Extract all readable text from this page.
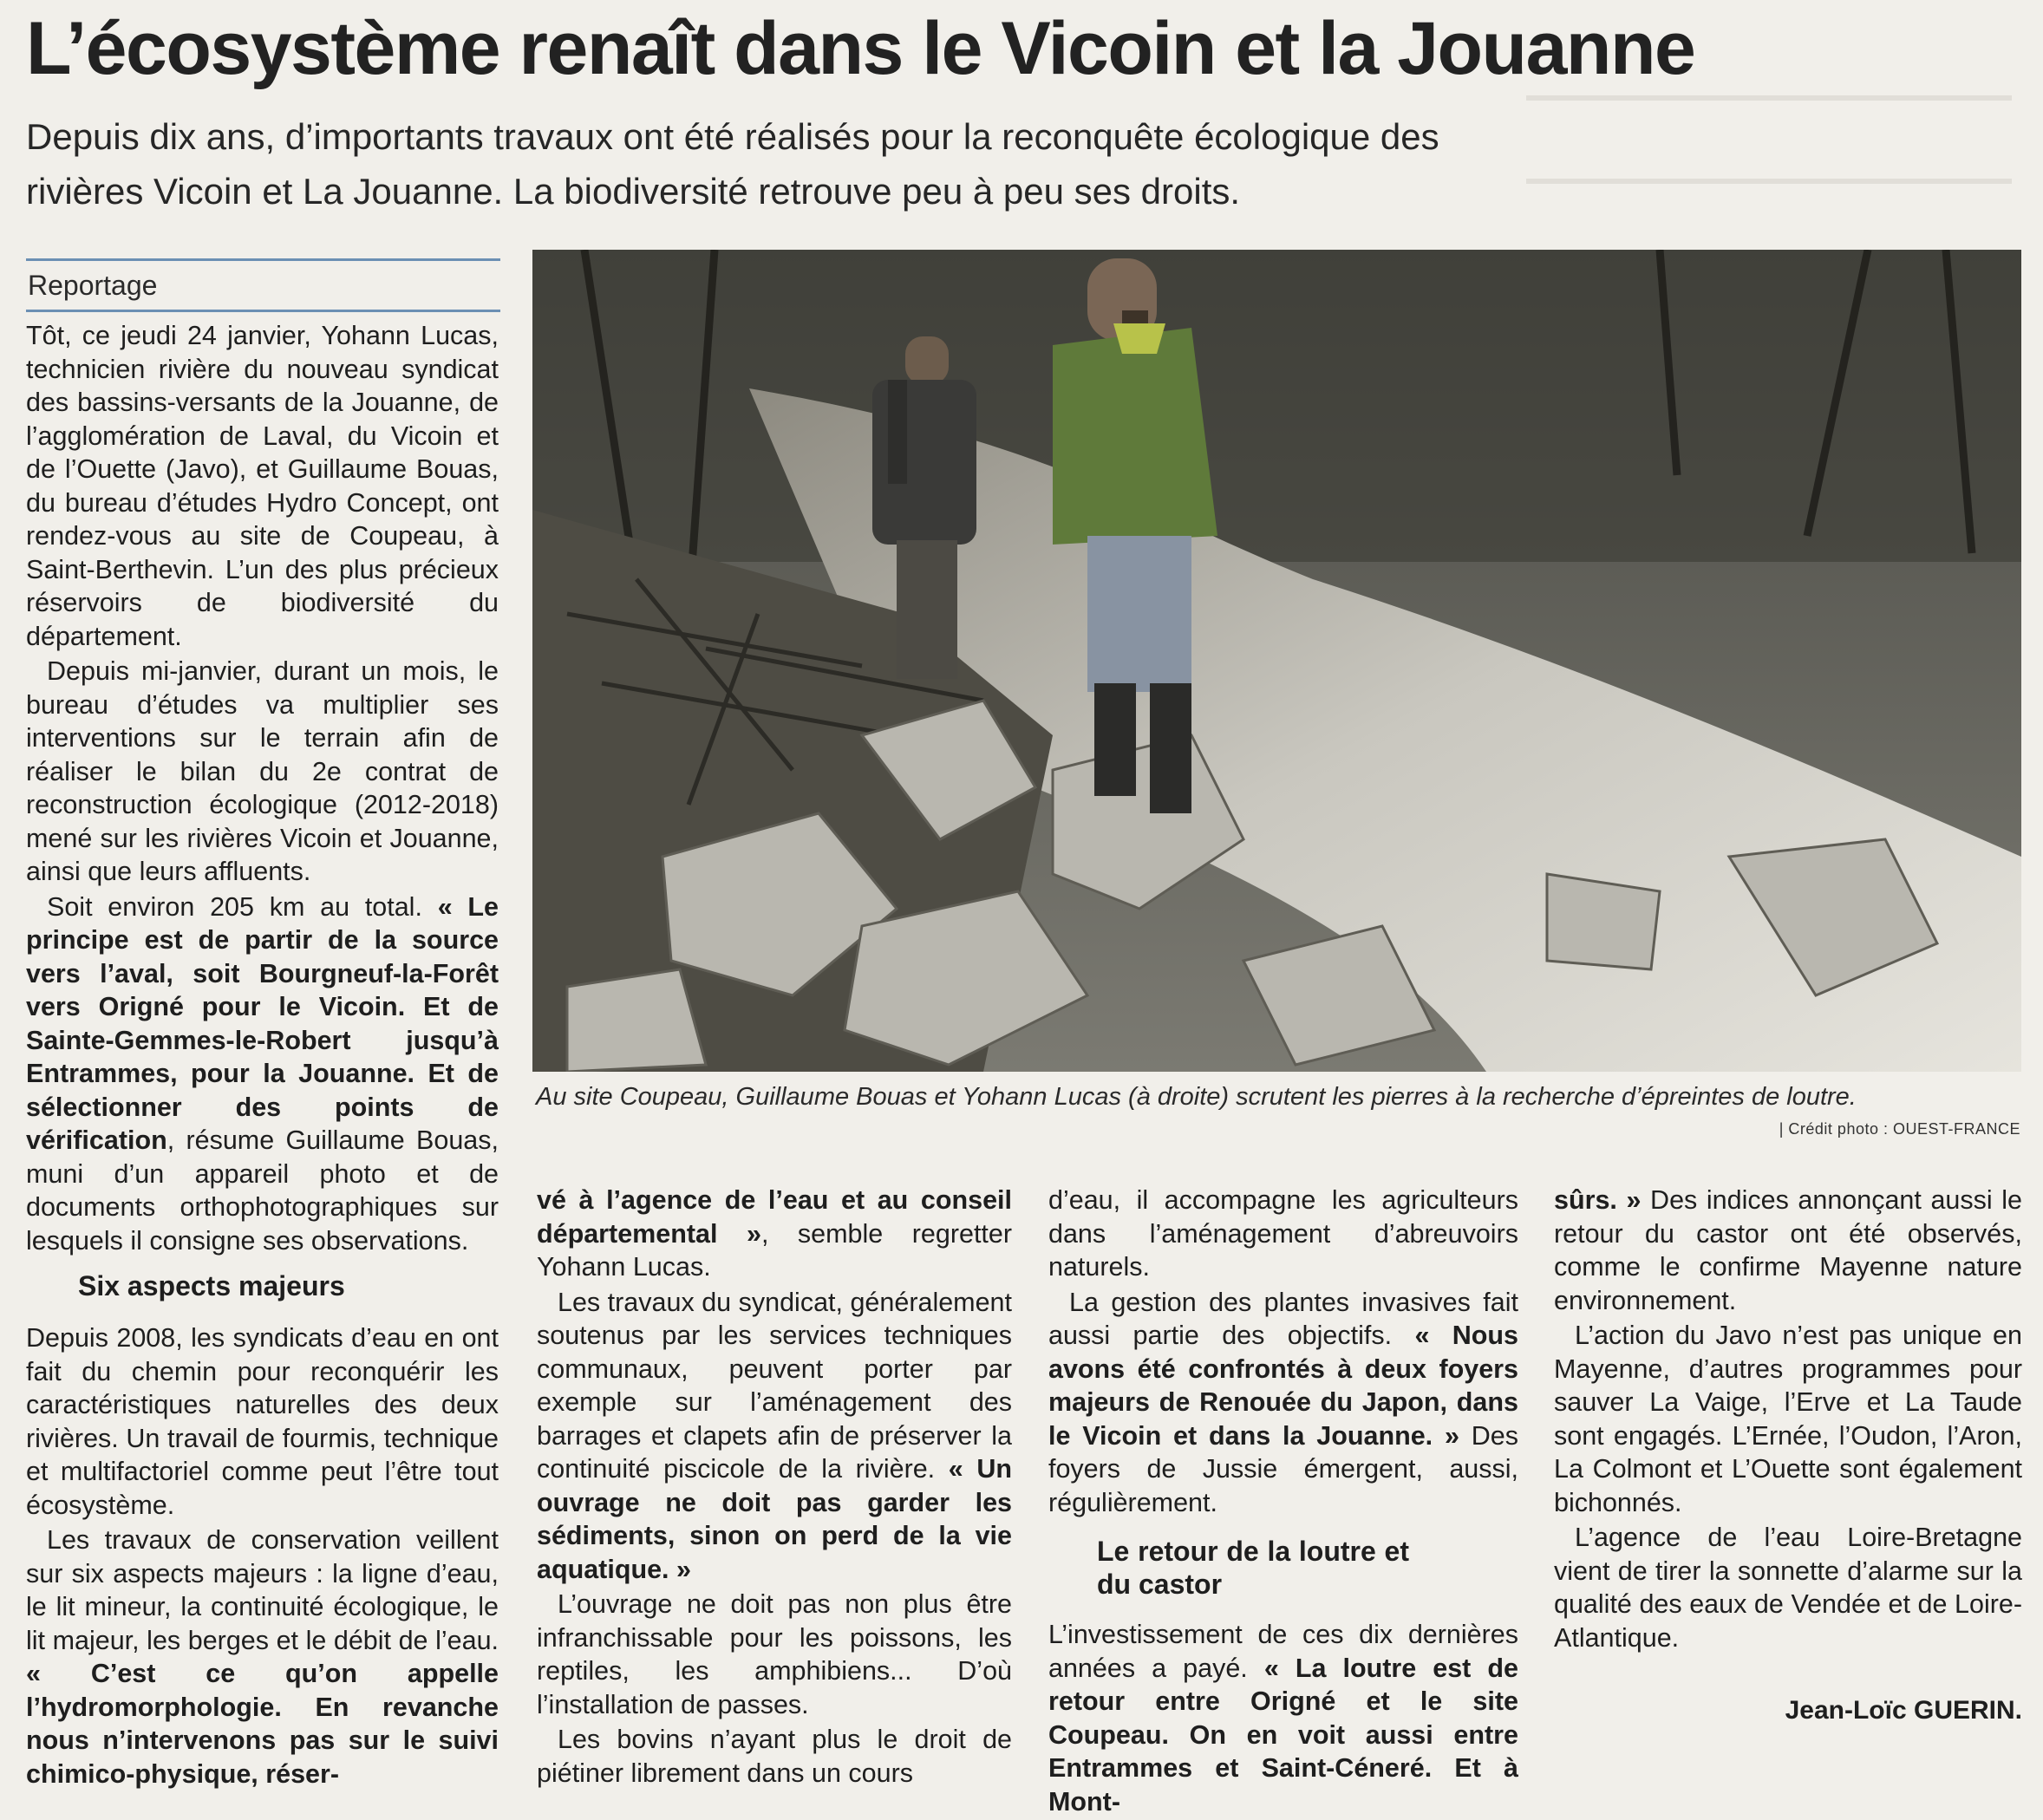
L’écosystème renaît dans le Vicoin et la Jouanne

Depuis dix ans, d’importants travaux ont été réalisés pour la reconquête écologique des rivières Vicoin et La Jouanne. La biodiversité retrouve peu à peu ses droits.

Reportage
Au site Coupeau, Guillaume Bouas et Yohann Lucas (à droite) scrutent les pierres à la recherche d’épreintes de loutre.
| Crédit photo : OUEST-FRANCE

Tôt, ce jeudi 24 janvier, Yohann Lucas, technicien rivière du nouveau syndicat des bassins-versants de la Jouanne, de l’agglomération de Laval, du Vicoin et de l’Ouette (Javo), et Guillaume Bouas, du bureau d’études Hydro Concept, ont rendez-vous au site de Coupeau, à Saint-Berthevin. L’un des plus précieux réservoirs de biodiversité du département.

Depuis mi-janvier, durant un mois, le bureau d’études va multiplier ses interventions sur le terrain afin de réaliser le bilan du 2e contrat de reconstruction écologique (2012-2018) mené sur les rivières Vicoin et Jouanne, ainsi que leurs affluents.

Soit environ 205 km au total. « Le principe est de partir de la source vers l’aval, soit Bourgneuf-la-Forêt vers Origné pour le Vicoin. Et de Sainte-Gemmes-le-Robert jusqu’à Entrammes, pour la Jouanne. Et de sélectionner des points de vérification, résume Guillaume Bouas, muni d’un appareil photo et de documents orthophotographiques sur lesquels il consigne ses observations.

Six aspects majeurs

Depuis 2008, les syndicats d’eau en ont fait du chemin pour reconquérir les caractéristiques naturelles des deux rivières. Un travail de fourmis, technique et multifactoriel comme peut l’être tout écosystème.

Les travaux de conservation veillent sur six aspects majeurs : la ligne d’eau, le lit mineur, la continuité écologique, le lit majeur, les berges et le débit de l’eau. « C’est ce qu’on appelle l’hydromorphologie. En revanche nous n’intervenons pas sur le suivi chimico-physique, réser-

vé à l’agence de l’eau et au conseil départemental », semble regretter Yohann Lucas.

Les travaux du syndicat, généralement soutenus par les services techniques communaux, peuvent porter par exemple sur l’aménagement des barrages et clapets afin de préserver la continuité piscicole de la rivière. « Un ouvrage ne doit pas garder les sédiments, sinon on perd de la vie aquatique. »

L’ouvrage ne doit pas non plus être infranchissable pour les poissons, les reptiles, les amphibiens... D’où l’installation de passes.

Les bovins n’ayant plus le droit de piétiner librement dans un cours

d’eau, il accompagne les agriculteurs dans l’aménagement d’abreuvoirs naturels.

La gestion des plantes invasives fait aussi partie des objectifs. « Nous avons été confrontés à deux foyers majeurs de Renouée du Japon, dans le Vicoin et dans la Jouanne. » Des foyers de Jussie émergent, aussi, régulièrement.

Le retour de la loutre et du castor

L’investissement de ces dix dernières années a payé. « La loutre est de retour entre Origné et le site Coupeau. On en voit aussi entre Entrammes et Saint-Céneré. Et à Mont-

sûrs. » Des indices annonçant aussi le retour du castor ont été observés, comme le confirme Mayenne nature environnement.

L’action du Javo n’est pas unique en Mayenne, d’autres programmes pour sauver La Vaige, l’Erve et La Taude sont engagés. L’Ernée, l’Oudon, l’Aron, La Colmont et L’Ouette sont également bichonnés.

L’agence de l’eau Loire-Bretagne vient de tirer la sonnette d’alarme sur la qualité des eaux de Vendée et de Loire-Atlantique.

Jean-Loïc GUERIN.
